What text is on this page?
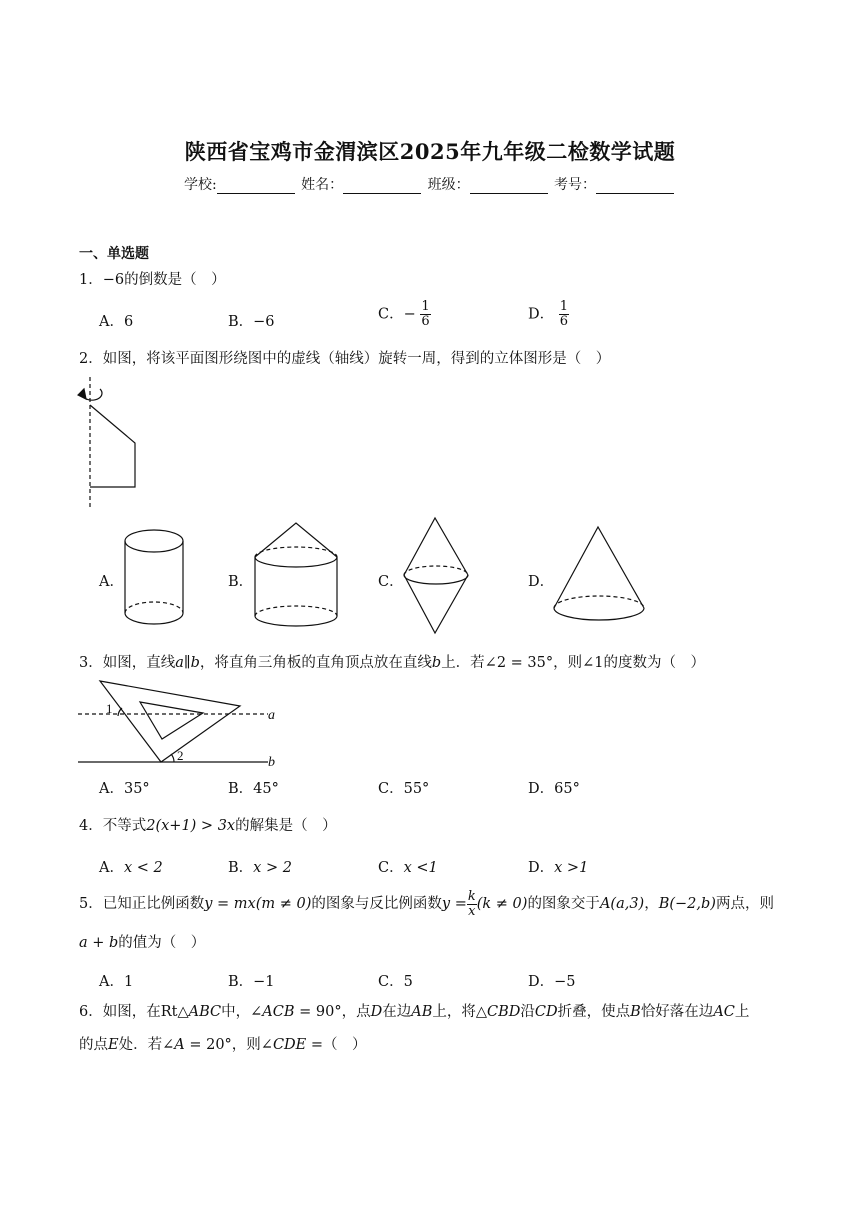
陕西省宝鸡市金渭滨区2025年九年级二检数学试题
学校:	姓名：	班级：	考号：
一、单选题
1．−6的倒数是（　）
A．6	B．−6	C．− $\frac{1}{6}$	D． $\frac{1}{6}$
2．如图，将该平面图形绕图中的虚线（轴线）旋转一周，得到的立体图形是（　）
A．	B．	C．	D．
3．如图，直线a∥b，将直角三角板的直角顶点放在直线b上．若∠2 = 35°，则∠1的度数为（　）
1
2
a
b
A．35°	B．45°	C．55°	D．65°
4．不等式2(x+1) > 3x的解集是（　）
A．x < 2	B．x > 2	C．x <1	D．x >1
5．已知正比例函数y = mx(m ≠ 0)的图象与反比例函数$y = \frac{k}{x} (k \ne 0)$的图象交于A(a,3)，B(−2,b)两点，则
a + b的值为（　）
A．1	B．−1	C．5	D．−5
6．如图，在Rt△ABC中，∠ACB = 90°，点D在边AB上，将△CBD沿CD折叠，使点B恰好落在边AC上
的点E处．若∠A = 20°，则∠CDE =（　）
